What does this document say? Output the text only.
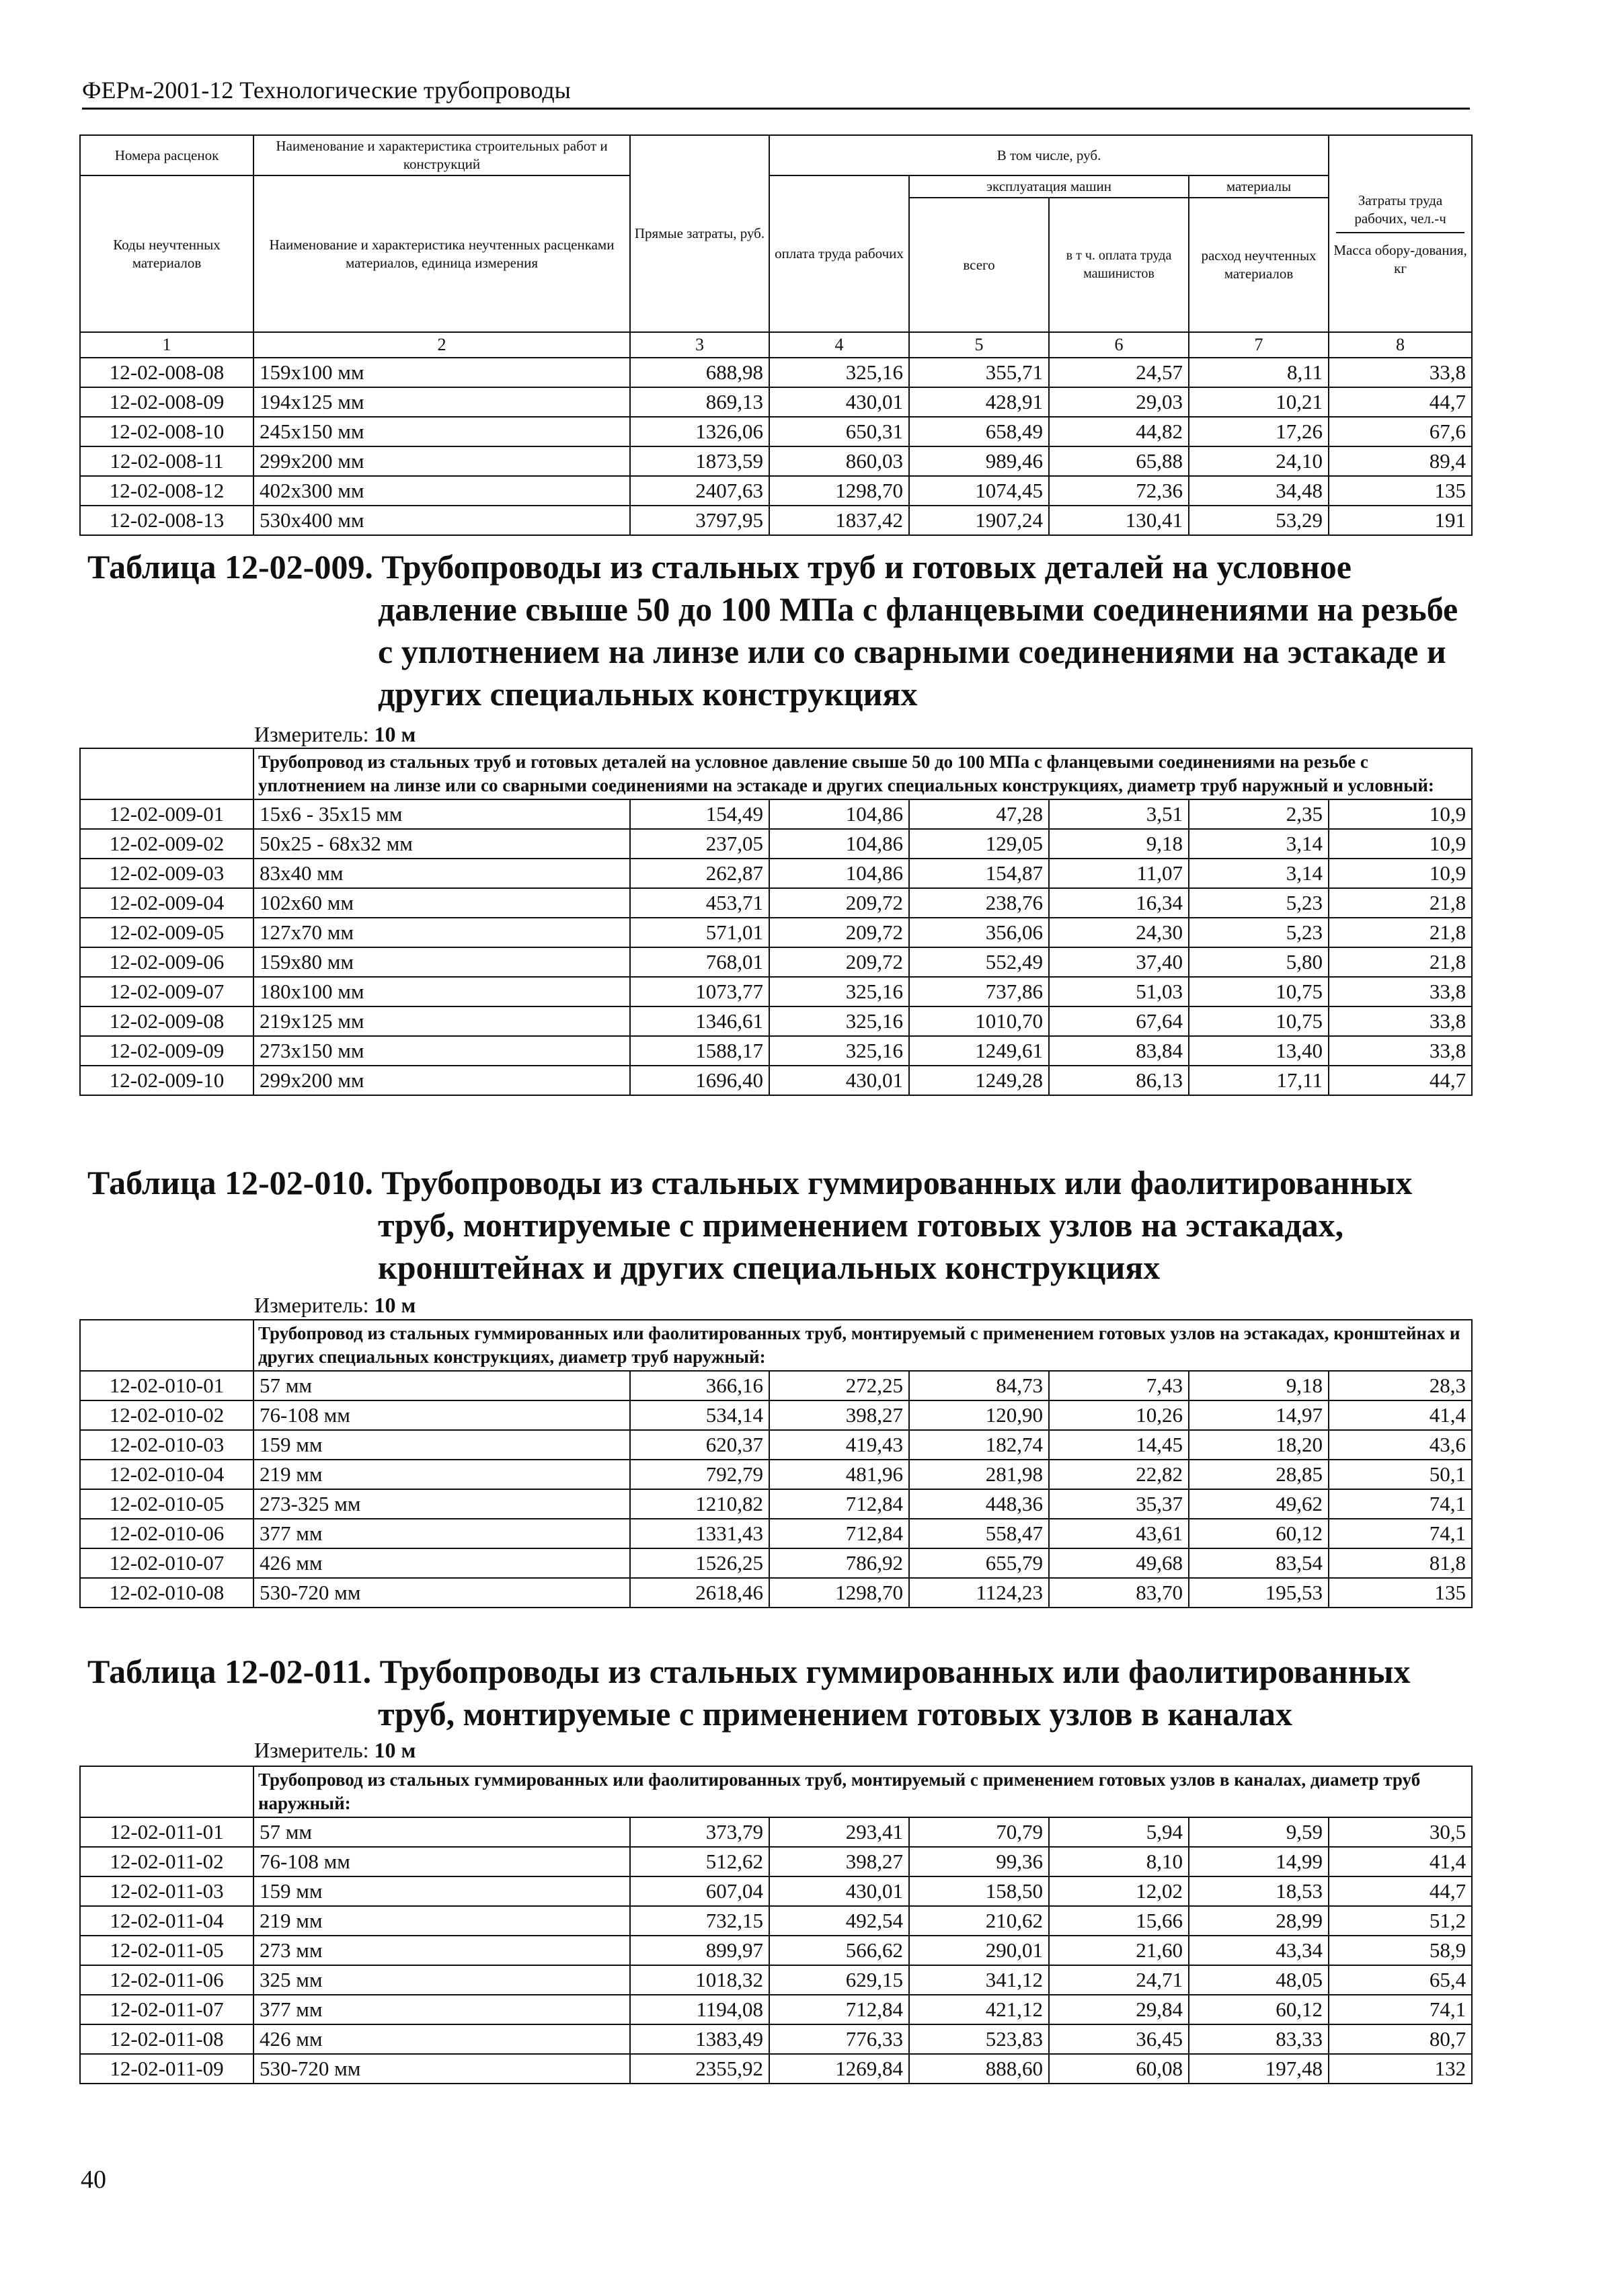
ФЕРм-2001-12 Технологические трубопроводы
Номера расценок	Наименование и характеристика строительных работ и конструкций	Прямые затраты, руб.	В том числе, руб.				Затраты труда рабочих, чел.-ч
Масса обору-дования, кг

Коды неучтенных материалов	Наименование и характеристика неучтенных расценками материалов, единица измерения		оплата труда рабочих	эксплуатация машин		материалы	
				всего	в т ч. оплата труда машинистов	расход неучтенных материалов	
1	2	3	4	5	6	7	8
12-02-008-08	159x100 мм	688,98	325,16	355,71	24,57	8,11	33,8
12-02-008-09	194x125 мм	869,13	430,01	428,91	29,03	10,21	44,7
12-02-008-10	245x150 мм	1326,06	650,31	658,49	44,82	17,26	67,6
12-02-008-11	299x200 мм	1873,59	860,03	989,46	65,88	24,10	89,4
12-02-008-12	402x300 мм	2407,63	1298,70	1074,45	72,36	34,48	135
12-02-008-13	530x400 мм	3797,95	1837,42	1907,24	130,41	53,29	191
Таблица 12-02-009. Трубопроводы из стальных труб и готовых деталей на условное
давление свыше 50 до 100 МПа с фланцевыми соединениями на резьбе с уплотнением на линзе или со сварными соединениями на эстакаде и других специальных конструкциях
Измеритель: 10 м
	Трубопровод из стальных труб и готовых деталей на условное давление свыше 50 до 100 МПа с фланцевыми соединениями на резьбе с уплотнением на линзе или со сварными соединениями на эстакаде и других специальных конструкциях, диаметр труб наружный и условный:						
12-02-009-01	15x6 - 35x15 мм	154,49	104,86	47,28	3,51	2,35	10,9
12-02-009-02	50x25 - 68x32 мм	237,05	104,86	129,05	9,18	3,14	10,9
12-02-009-03	83x40 мм	262,87	104,86	154,87	11,07	3,14	10,9
12-02-009-04	102x60 мм	453,71	209,72	238,76	16,34	5,23	21,8
12-02-009-05	127x70 мм	571,01	209,72	356,06	24,30	5,23	21,8
12-02-009-06	159x80 мм	768,01	209,72	552,49	37,40	5,80	21,8
12-02-009-07	180x100 мм	1073,77	325,16	737,86	51,03	10,75	33,8
12-02-009-08	219x125 мм	1346,61	325,16	1010,70	67,64	10,75	33,8
12-02-009-09	273x150 мм	1588,17	325,16	1249,61	83,84	13,40	33,8
12-02-009-10	299x200 мм	1696,40	430,01	1249,28	86,13	17,11	44,7
Таблица 12-02-010. Трубопроводы из стальных гуммированных или фаолитированных
труб, монтируемые с применением готовых узлов на эстакадах, кронштейнах и других специальных конструкциях
Измеритель: 10 м
	Трубопровод из стальных гуммированных или фаолитированных труб, монтируемый с применением готовых узлов на эстакадах, кронштейнах и других специальных конструкциях, диаметр труб наружный:						
12-02-010-01	57 мм	366,16	272,25	84,73	7,43	9,18	28,3
12-02-010-02	76-108 мм	534,14	398,27	120,90	10,26	14,97	41,4
12-02-010-03	159 мм	620,37	419,43	182,74	14,45	18,20	43,6
12-02-010-04	219 мм	792,79	481,96	281,98	22,82	28,85	50,1
12-02-010-05	273-325 мм	1210,82	712,84	448,36	35,37	49,62	74,1
12-02-010-06	377 мм	1331,43	712,84	558,47	43,61	60,12	74,1
12-02-010-07	426 мм	1526,25	786,92	655,79	49,68	83,54	81,8
12-02-010-08	530-720 мм	2618,46	1298,70	1124,23	83,70	195,53	135
Таблица 12-02-011. Трубопроводы из стальных гуммированных или фаолитированных
труб, монтируемые с применением готовых узлов в каналах
Измеритель: 10 м
	Трубопровод из стальных гуммированных или фаолитированных труб, монтируемый с применением готовых узлов в каналах, диаметр труб наружный:						
12-02-011-01	57 мм	373,79	293,41	70,79	5,94	9,59	30,5
12-02-011-02	76-108 мм	512,62	398,27	99,36	8,10	14,99	41,4
12-02-011-03	159 мм	607,04	430,01	158,50	12,02	18,53	44,7
12-02-011-04	219 мм	732,15	492,54	210,62	15,66	28,99	51,2
12-02-011-05	273 мм	899,97	566,62	290,01	21,60	43,34	58,9
12-02-011-06	325 мм	1018,32	629,15	341,12	24,71	48,05	65,4
12-02-011-07	377 мм	1194,08	712,84	421,12	29,84	60,12	74,1
12-02-011-08	426 мм	1383,49	776,33	523,83	36,45	83,33	80,7
12-02-011-09	530-720 мм	2355,92	1269,84	888,60	60,08	197,48	132
40
